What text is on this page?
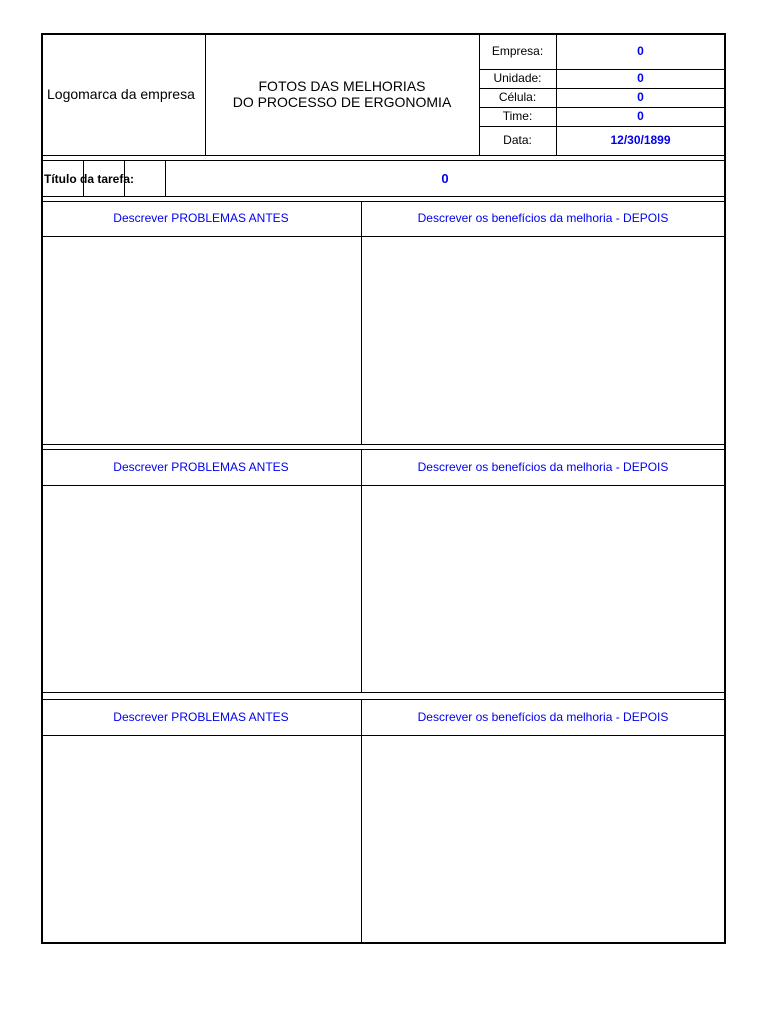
Logomarca da empresa	FOTOS DAS MELHORIAS
DO PROCESSO DE ERGONOMIA
Empresa:	0
Unidade:	0
Célula:	0
Time:	0
Data:	12/30/1899
Título da tarefa:	0
Descrever PROBLEMAS ANTES	Descrever os benefícios da melhoria - DEPOIS
Descrever PROBLEMAS ANTES	Descrever os benefícios da melhoria - DEPOIS
Descrever PROBLEMAS ANTES	Descrever os benefícios da melhoria - DEPOIS
